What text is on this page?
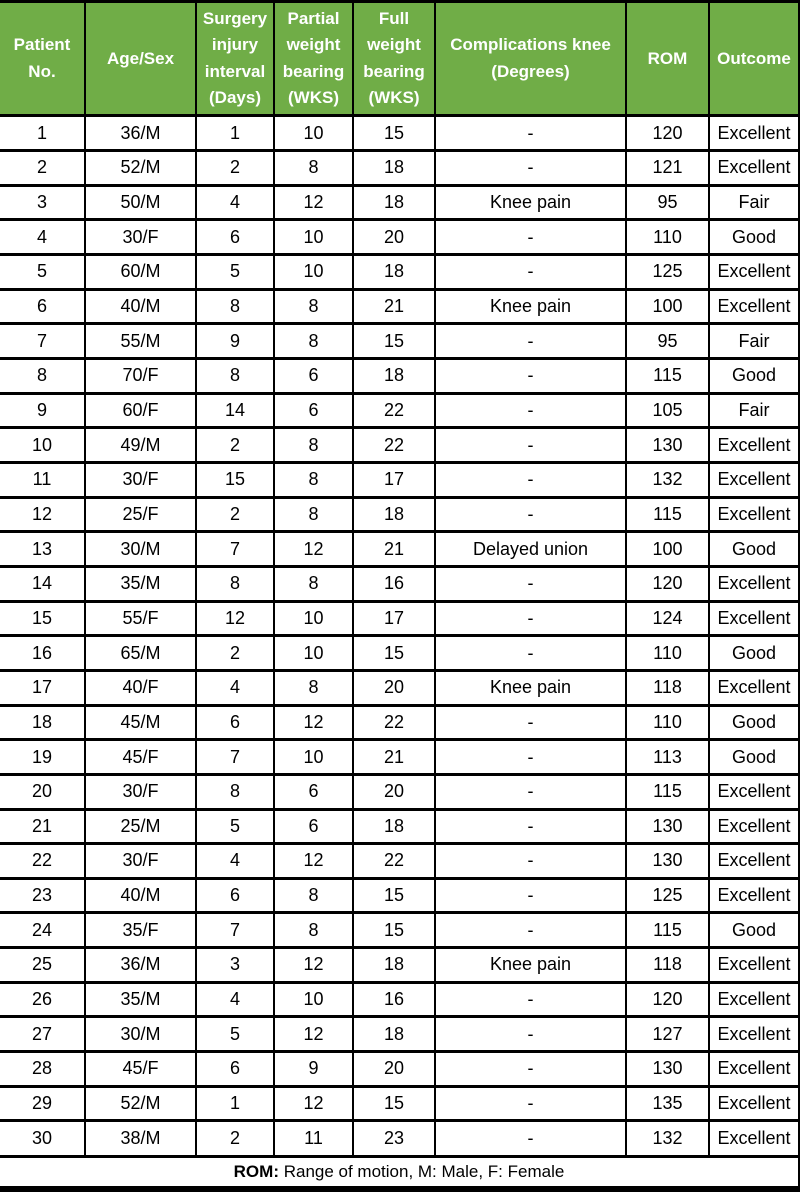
Patient No.	Age/Sex	Surgery injury interval (Days)	Partial weight bearing (WKS)	Full weight bearing (WKS)	Complications knee (Degrees)	ROM	Outcome
1	36/M	1	10	15	-	120	Excellent
2	52/M	2	8	18	-	121	Excellent
3	50/M	4	12	18	Knee pain	95	Fair
4	30/F	6	10	20	-	110	Good
5	60/M	5	10	18	-	125	Excellent
6	40/M	8	8	21	Knee pain	100	Excellent
7	55/M	9	8	15	-	95	Fair
8	70/F	8	6	18	-	115	Good
9	60/F	14	6	22	-	105	Fair
10	49/M	2	8	22	-	130	Excellent
11	30/F	15	8	17	-	132	Excellent
12	25/F	2	8	18	-	115	Excellent
13	30/M	7	12	21	Delayed union	100	Good
14	35/M	8	8	16	-	120	Excellent
15	55/F	12	10	17	-	124	Excellent
16	65/M	2	10	15	-	110	Good
17	40/F	4	8	20	Knee pain	118	Excellent
18	45/M	6	12	22	-	110	Good
19	45/F	7	10	21	-	113	Good
20	30/F	8	6	20	-	115	Excellent
21	25/M	5	6	18	-	130	Excellent
22	30/F	4	12	22	-	130	Excellent
23	40/M	6	8	15	-	125	Excellent
24	35/F	7	8	15	-	115	Good
25	36/M	3	12	18	Knee pain	118	Excellent
26	35/M	4	10	16	-	120	Excellent
27	30/M	5	12	18	-	127	Excellent
28	45/F	6	9	20	-	130	Excellent
29	52/M	1	12	15	-	135	Excellent
30	38/M	2	11	23	-	132	Excellent
ROM: Range of motion, M: Male, F: Female							
